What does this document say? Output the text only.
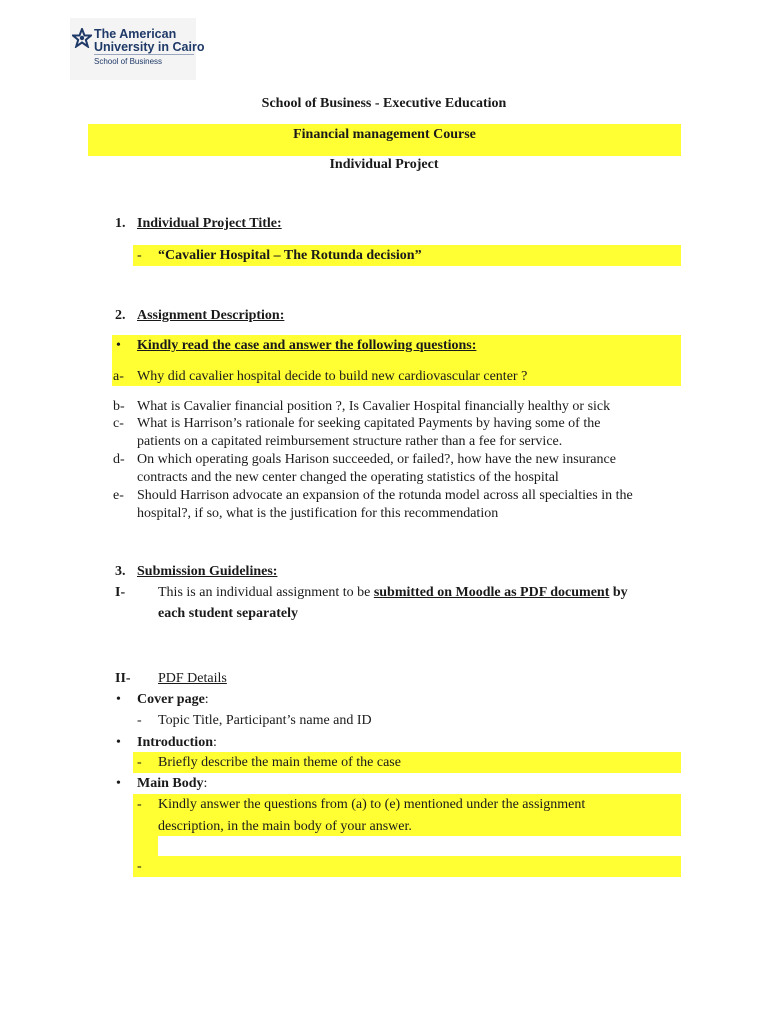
The American
University in Cairo
School of Business
School of Business - Executive Education
Financial management Course
Individual Project
1. Individual Project Title:
- “Cavalier Hospital – The Rotunda decision”
2. Assignment Description:
• Kindly read the case and answer the following questions:
a- Why did cavalier hospital decide to build new cardiovascular center ?
b- What is Cavalier financial position ?, Is Cavalier Hospital financially healthy or sick
c- What is Harrison’s rationale for seeking capitated Payments by having some of the
patients on a capitated reimbursement structure rather than a fee for service.
d- On which operating goals Harison succeeded, or failed?, how have the new insurance
contracts and the new center changed the operating statistics of the hospital
e- Should Harrison advocate an expansion of the rotunda model across all specialties in the
hospital?, if so, what is the justification for this recommendation
3. Submission Guidelines:
I- This is an individual assignment to be submitted on Moodle as PDF document by
each student separately
II- PDF Details
• Cover page:
- Topic Title, Participant’s name and ID
• Introduction:
- Briefly describe the main theme of the case
• Main Body:
- Kindly answer the questions from (a) to (e) mentioned under the assignment
description, in the main body of your answer.
-
